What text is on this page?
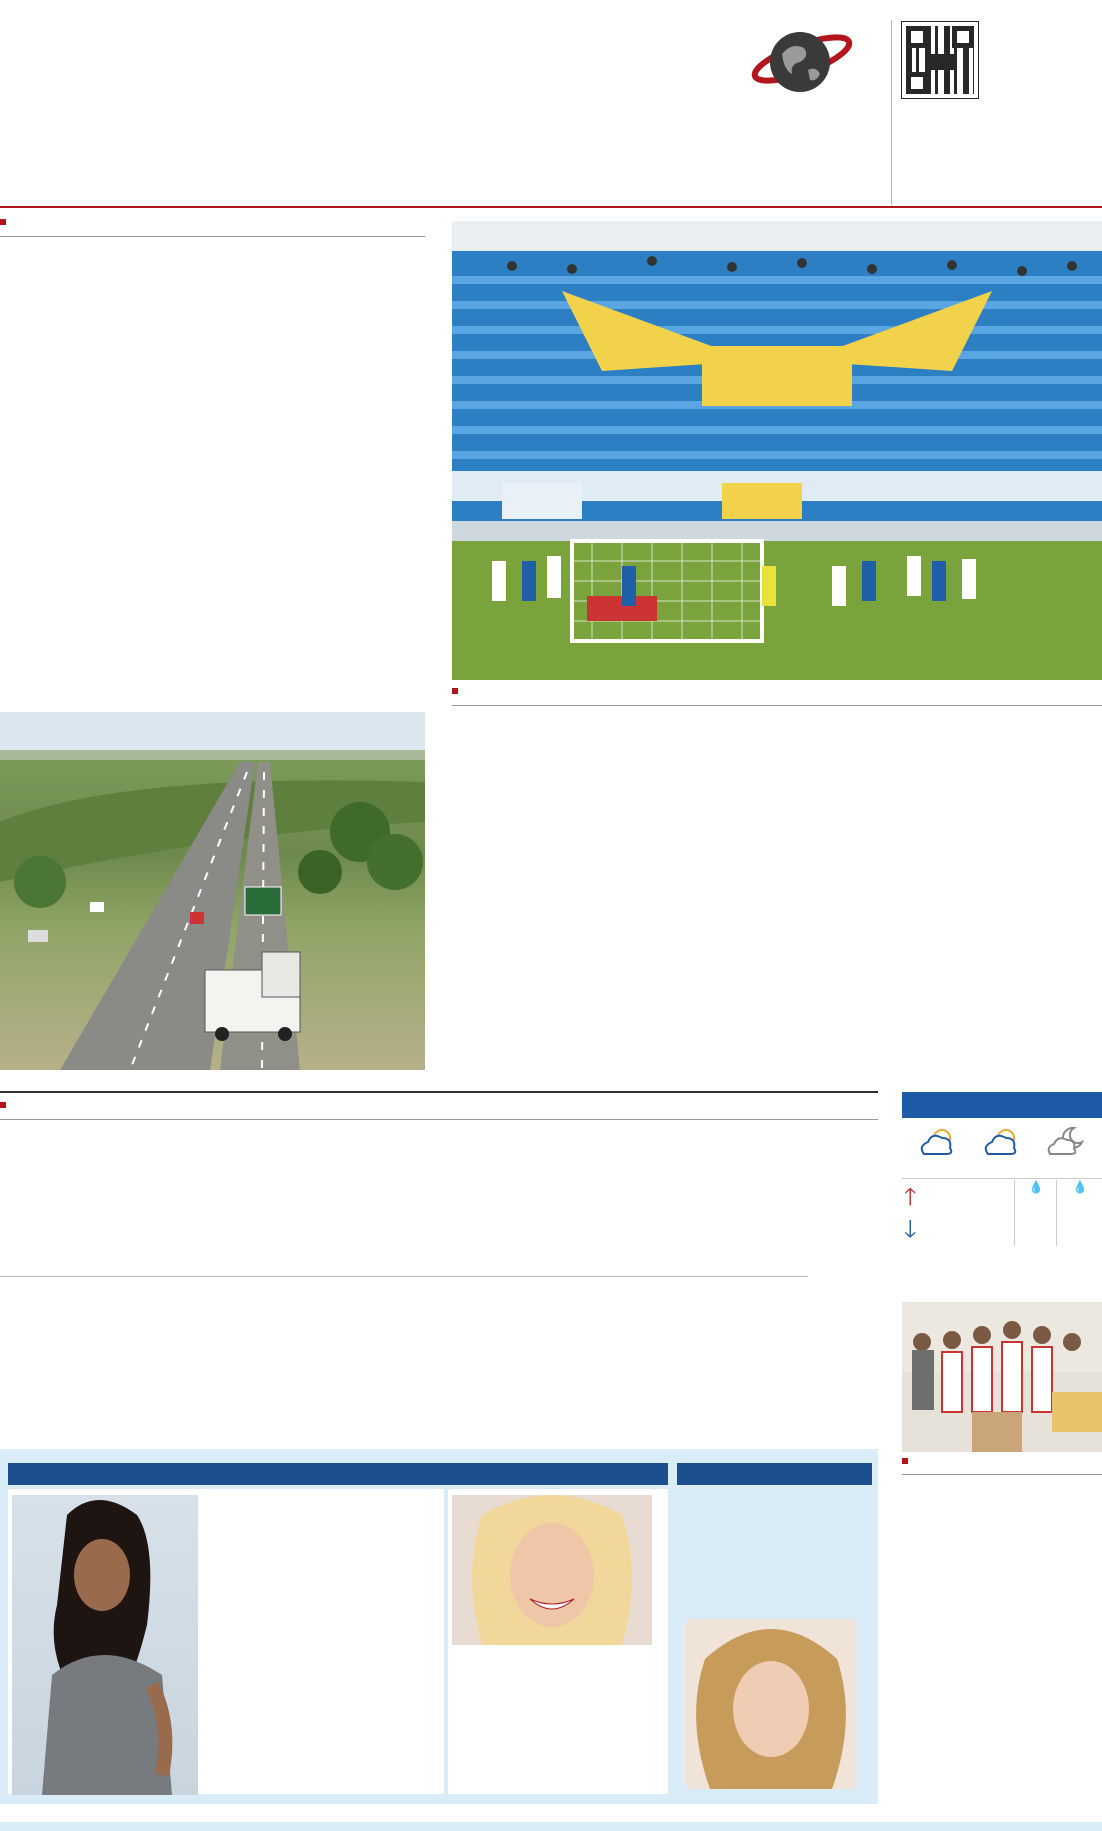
🡑
🡓
💧	💧
